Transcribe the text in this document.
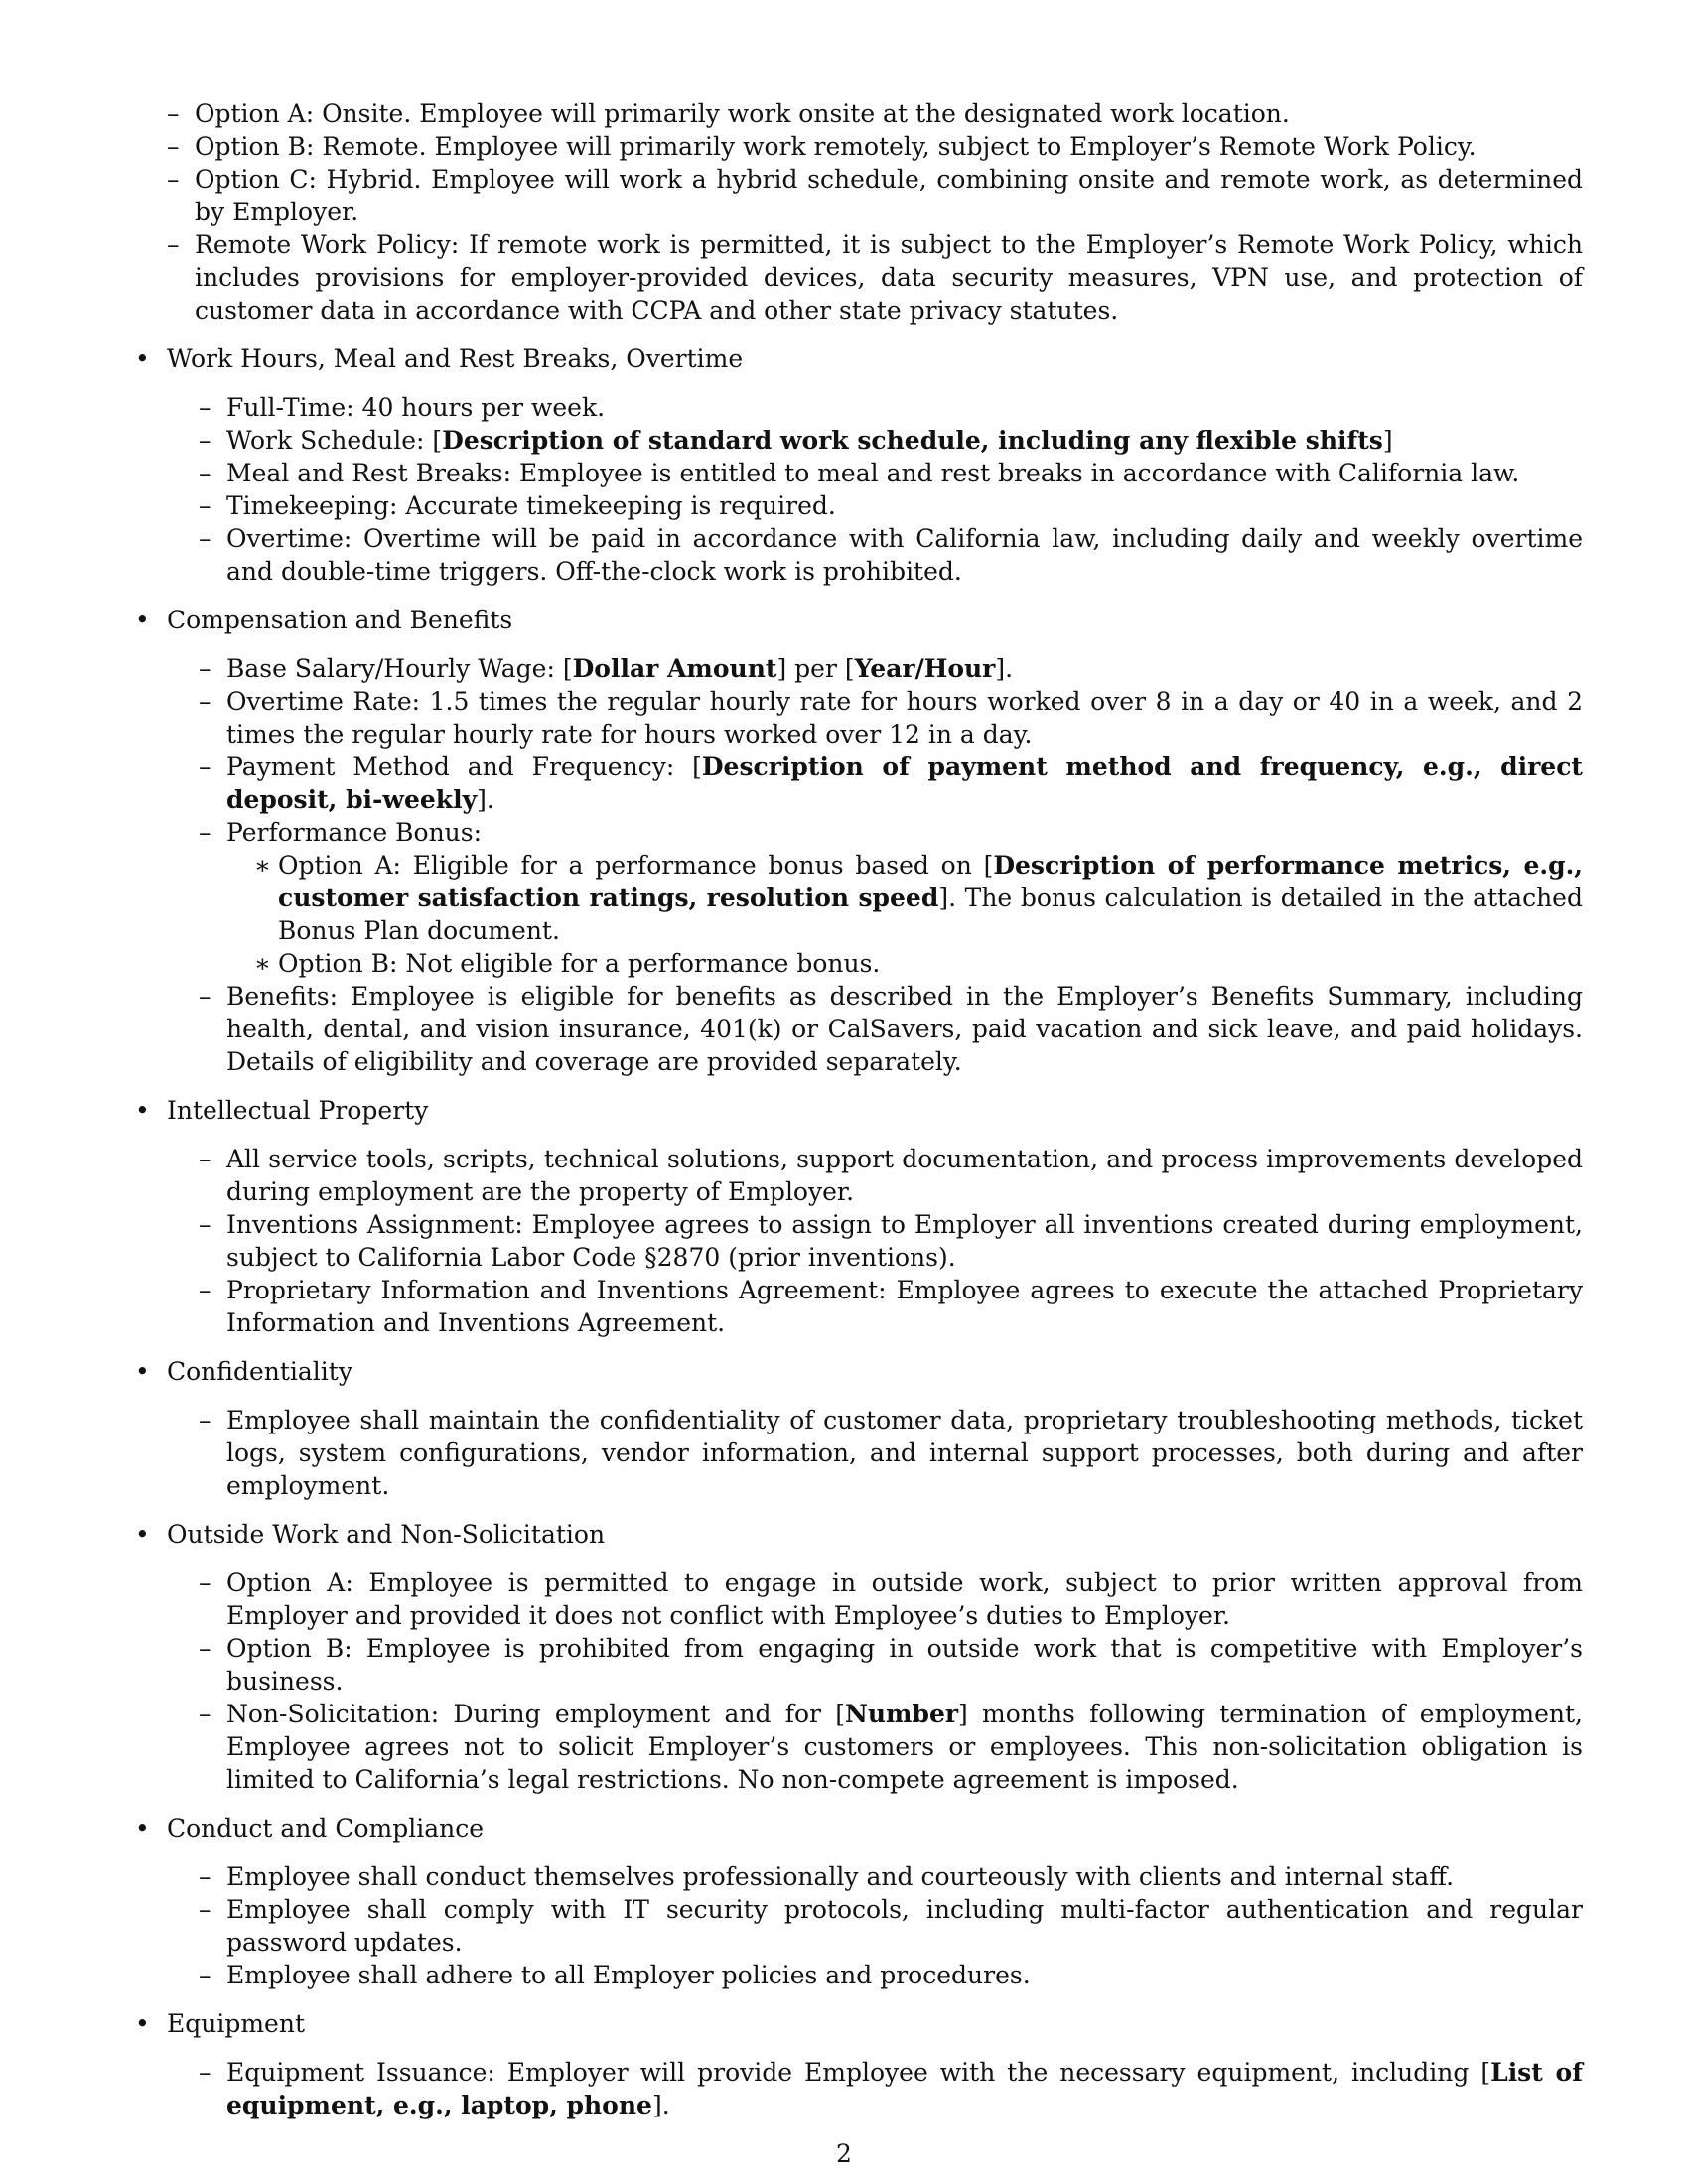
– Option A: Onsite. Employee will primarily work onsite at the designated work location.
– Option B: Remote. Employee will primarily work remotely, subject to Employer’s Remote Work Policy.
– Option C: Hybrid. Employee will work a hybrid schedule, combining onsite and remote work, as determined by Employer.
– Remote Work Policy: If remote work is permitted, it is subject to the Employer’s Remote Work Policy, which includes provisions for employer-provided devices, data security measures, VPN use, and protection of customer data in accordance with CCPA and other state privacy statutes.
• Work Hours, Meal and Rest Breaks, Overtime
– Full-Time: 40 hours per week.
– Work Schedule: [Description of standard work schedule, including any flexible shifts]
– Meal and Rest Breaks: Employee is entitled to meal and rest breaks in accordance with California law.
– Timekeeping: Accurate timekeeping is required.
– Overtime: Overtime will be paid in accordance with California law, including daily and weekly overtime and double-time triggers. Off-the-clock work is prohibited.
• Compensation and Benefits
– Base Salary/Hourly Wage: [Dollar Amount] per [Year/Hour].
– Overtime Rate: 1.5 times the regular hourly rate for hours worked over 8 in a day or 40 in a week, and 2 times the regular hourly rate for hours worked over 12 in a day.
– Payment Method and Frequency: [Description of payment method and frequency, e.g., direct deposit, bi-weekly].
– Performance Bonus:
∗ Option A: Eligible for a performance bonus based on [Description of performance metrics, e.g., customer satisfaction ratings, resolution speed]. The bonus calculation is detailed in the attached Bonus Plan document.
∗ Option B: Not eligible for a performance bonus.
– Benefits: Employee is eligible for benefits as described in the Employer’s Benefits Summary, including health, dental, and vision insurance, 401(k) or CalSavers, paid vacation and sick leave, and paid holidays. Details of eligibility and coverage are provided separately.
• Intellectual Property
– All service tools, scripts, technical solutions, support documentation, and process improvements developed during employment are the property of Employer.
– Inventions Assignment: Employee agrees to assign to Employer all inventions created during employment, subject to California Labor Code §2870 (prior inventions).
– Proprietary Information and Inventions Agreement: Employee agrees to execute the attached Proprietary Information and Inventions Agreement.
• Confidentiality
– Employee shall maintain the confidentiality of customer data, proprietary troubleshooting methods, ticket logs, system configurations, vendor information, and internal support processes, both during and after employment.
• Outside Work and Non-Solicitation
– Option A: Employee is permitted to engage in outside work, subject to prior written approval from Employer and provided it does not conflict with Employee’s duties to Employer.
– Option B: Employee is prohibited from engaging in outside work that is competitive with Employer’s business.
– Non-Solicitation: During employment and for [Number] months following termination of employment, Employee agrees not to solicit Employer’s customers or employees. This non-solicitation obligation is limited to California’s legal restrictions. No non-compete agreement is imposed.
• Conduct and Compliance
– Employee shall conduct themselves professionally and courteously with clients and internal staff.
– Employee shall comply with IT security protocols, including multi-factor authentication and regular password updates.
– Employee shall adhere to all Employer policies and procedures.
• Equipment
– Equipment Issuance: Employer will provide Employee with the necessary equipment, including [List of equipment, e.g., laptop, phone].
2
